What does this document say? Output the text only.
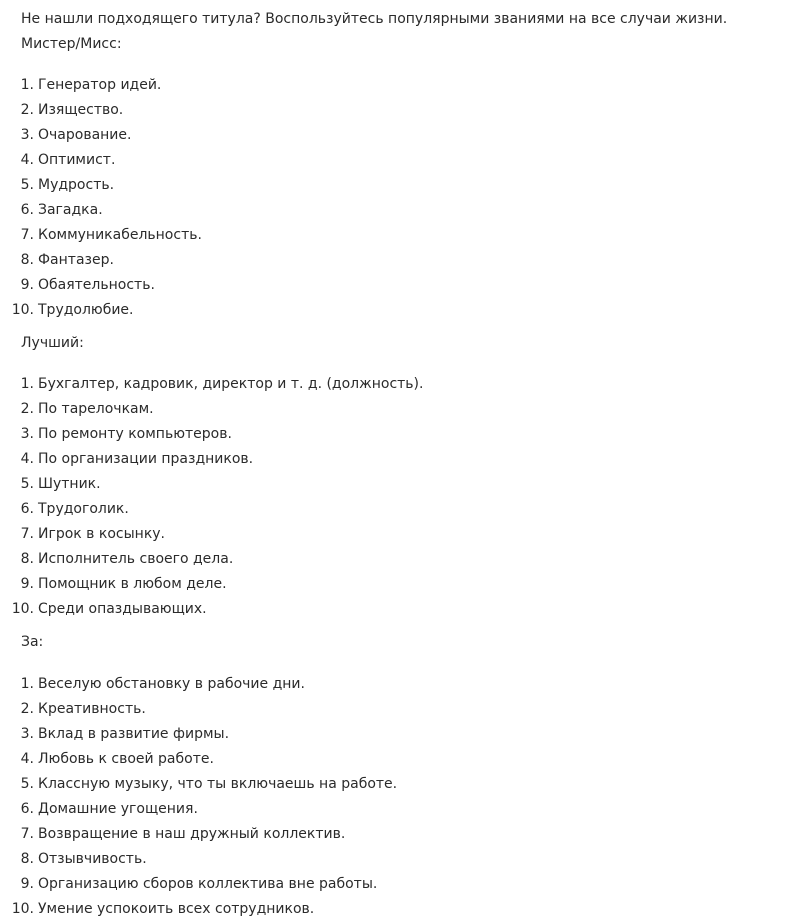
Не нашли подходящего титула? Воспользуйтесь популярными званиями на все случаи жизни.
Мистер/Мисс:

1. Генератор идей.
2. Изящество.
3. Очарование.
4. Оптимист.
5. Мудрость.
6. Загадка.
7. Коммуникабельность.
8. Фантазер.
9. Обаятельность.
10. Трудолюбие.

Лучший:

1. Бухгалтер, кадровик, директор и т. д. (должность).
2. По тарелочкам.
3. По ремонту компьютеров.
4. По организации праздников.
5. Шутник.
6. Трудоголик.
7. Игрок в косынку.
8. Исполнитель своего дела.
9. Помощник в любом деле.
10. Среди опаздывающих.

За:

1. Веселую обстановку в рабочие дни.
2. Креативность.
3. Вклад в развитие фирмы.
4. Любовь к своей работе.
5. Классную музыку, что ты включаешь на работе.
6. Домашние угощения.
7. Возвращение в наш дружный коллектив.
8. Отзывчивость.
9. Организацию сборов коллектива вне работы.
10. Умение успокоить всех сотрудников.
